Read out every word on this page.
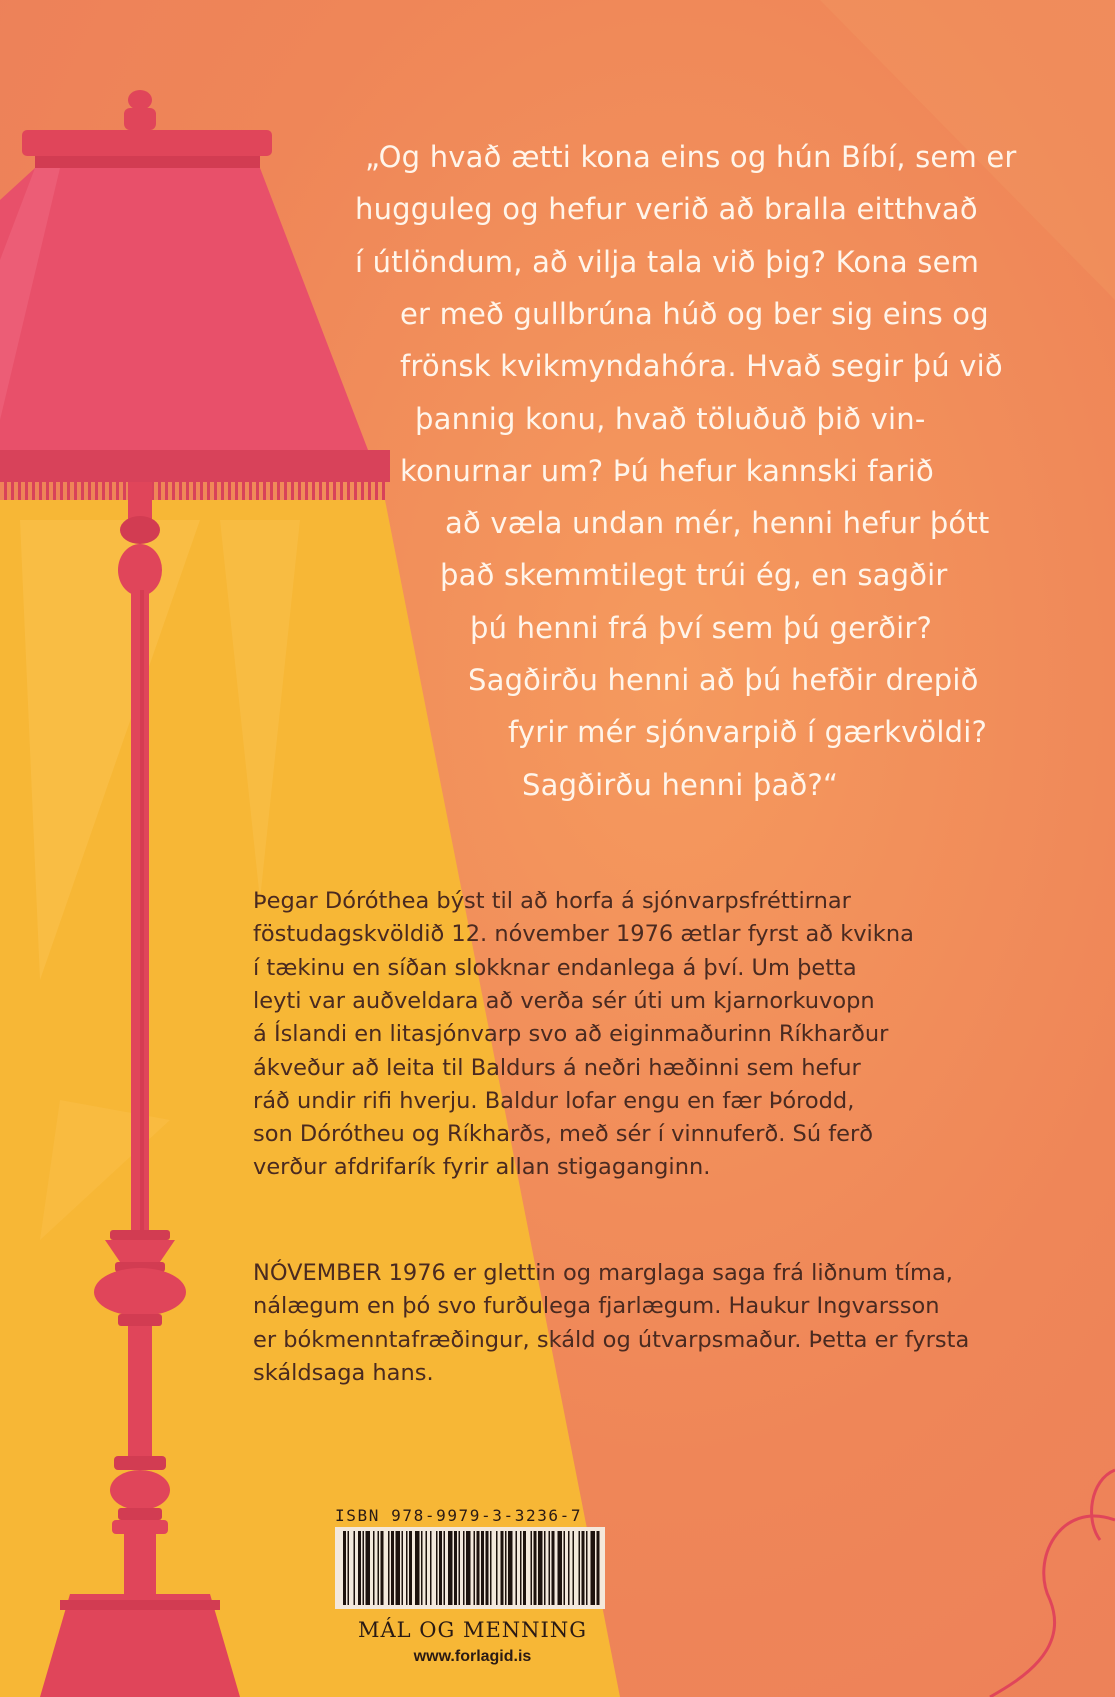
„Og hvað ætti kona eins og hún Bíbí, sem er
hugguleg og hefur verið að bralla eitthvað
í útlöndum, að vilja tala við þig? Kona sem
er með gullbrúna húð og ber sig eins og
frönsk kvikmyndahóra. Hvað segir þú við
þannig konu, hvað töluðuð þið vin-
konurnar um? Þú hefur kannski farið
að væla undan mér, henni hefur þótt
það skemmtilegt trúi ég, en sagðir
þú henni frá því sem þú gerðir?
Sagðirðu henni að þú hefðir drepið
fyrir mér sjónvarpið í gærkvöldi?
Sagðirðu henni það?“
Þegar Dóróthea býst til að horfa á sjónvarpsfréttirnar
föstudagskvöldið 12. nóvember 1976 ætlar fyrst að kvikna
í tækinu en síðan slokknar endanlega á því. Um þetta
leyti var auðveldara að verða sér úti um kjarnorkuvopn
á Íslandi en litasjónvarp svo að eiginmaðurinn Ríkharður
ákveður að leita til Baldurs á neðri hæðinni sem hefur
ráð undir rifi hverju. Baldur lofar engu en fær Þórodd,
son Dórótheu og Ríkharðs, með sér í vinnuferð. Sú ferð
verður afdrifarík fyrir allan stigaganginn.
NÓVEMBER 1976 er glettin og marglaga saga frá liðnum tíma,
nálægum en þó svo furðulega fjarlægum. Haukur Ingvarsson
er bókmenntafræðingur, skáld og útvarpsmaður. Þetta er fyrsta
skáldsaga hans.
ISBN 978-9979-3-3236-7
MÁL OG MENNING
www.forlagid.is
